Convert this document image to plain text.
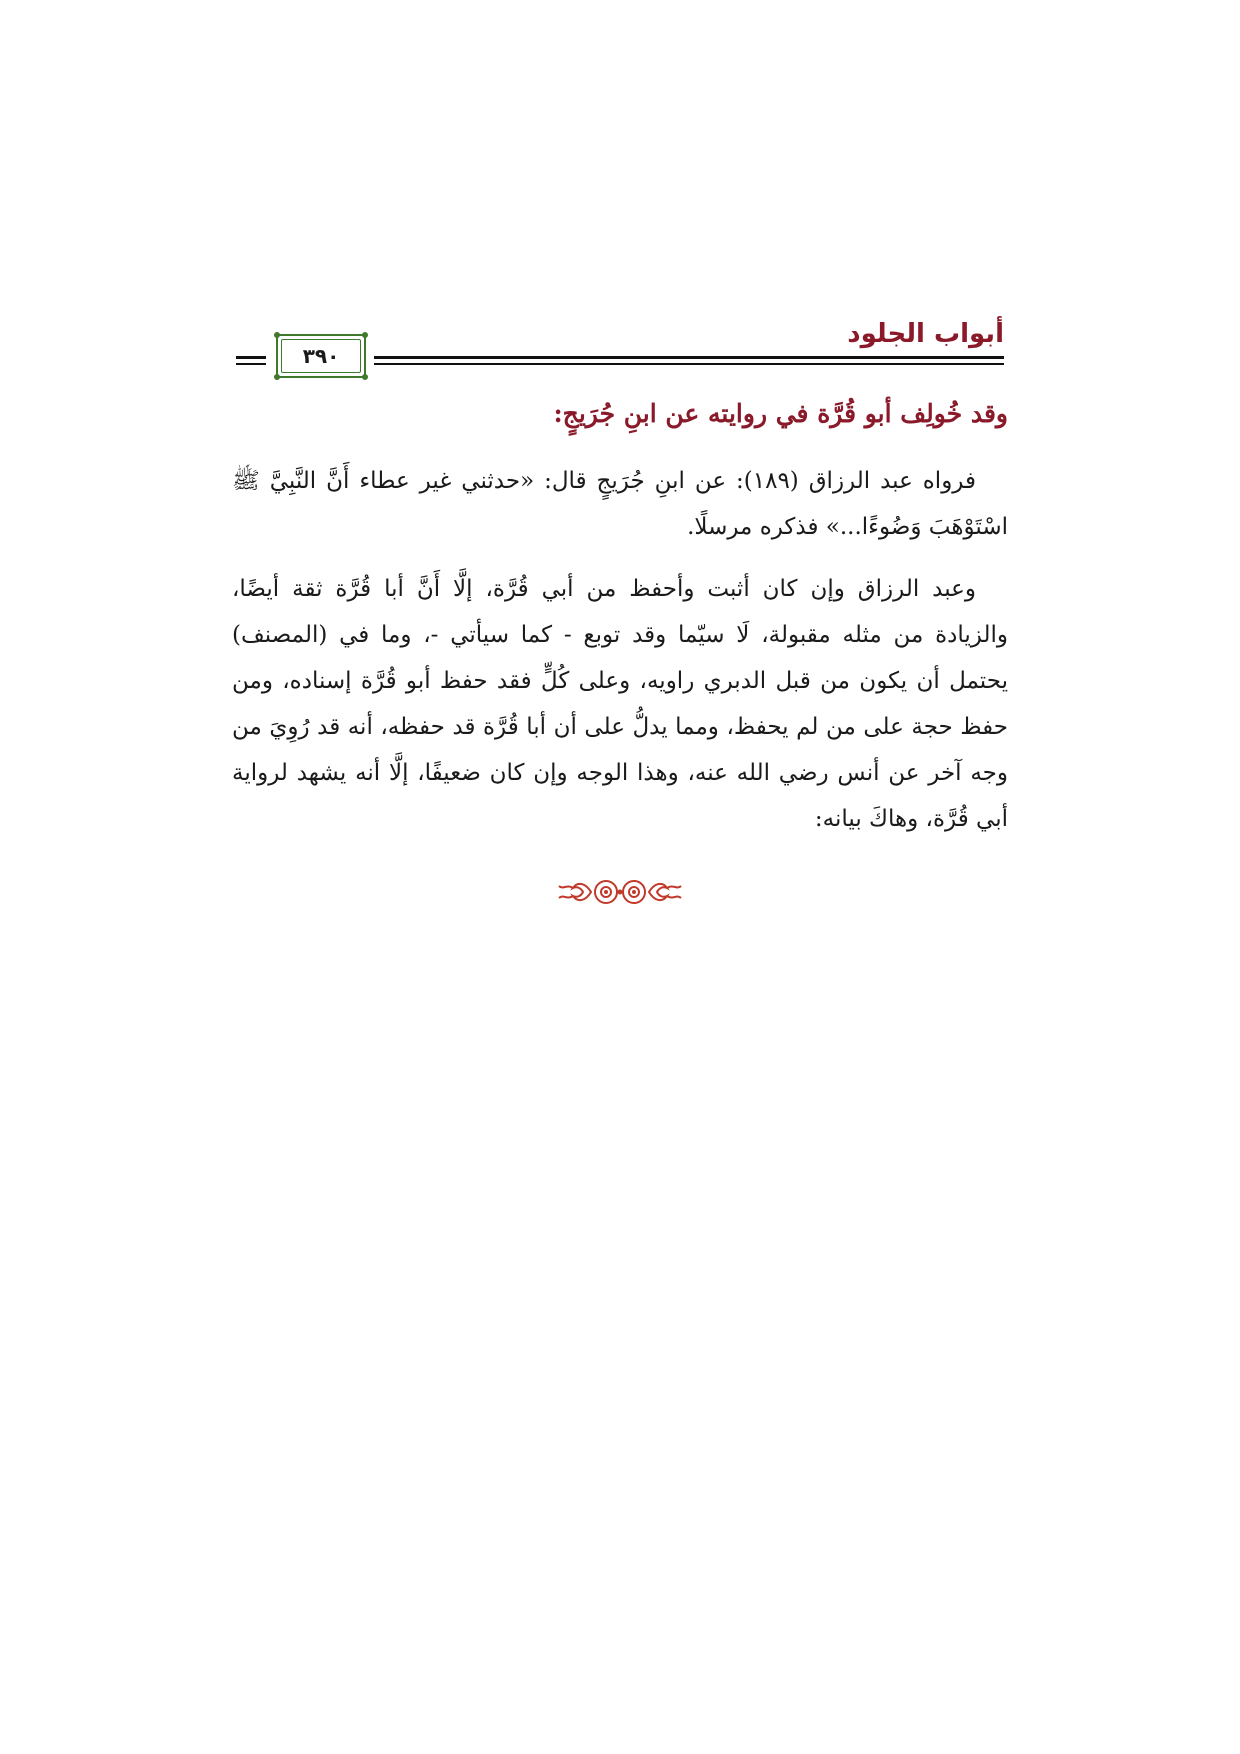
أبواب الجلود
٣٩٠
وقد خُولِف أبو قُرَّة في روايته عن ابنِ جُرَيجٍ:

فرواه عبد الرزاق (١٨٩): عن ابنِ جُرَيجٍ قال: «حدثني غير عطاء أَنَّ النَّبِيَّ ﷺ اسْتَوْهَبَ وَضُوءًا...» فذكره مرسلًا.

وعبد الرزاق وإن كان أثبت وأحفظ من أبي قُرَّة، إلَّا أَنَّ أبا قُرَّة ثقة أيضًا، والزيادة من مثله مقبولة، لَا سيّما وقد توبع - كما سيأتي -، وما في (المصنف) يحتمل أن يكون من قبل الدبري راويه، وعلى كُلٍّ فقد حفظ أبو قُرَّة إسناده، ومن حفظ حجة على من لم يحفظ، ومما يدلُّ على أن أبا قُرَّة قد حفظه، أنه قد رُوِيَ من وجه آخر عن أنس رضي الله عنه، وهذا الوجه وإن كان ضعيفًا، إلَّا أنه يشهد لرواية أبي قُرَّة، وهاكَ بيانه:
